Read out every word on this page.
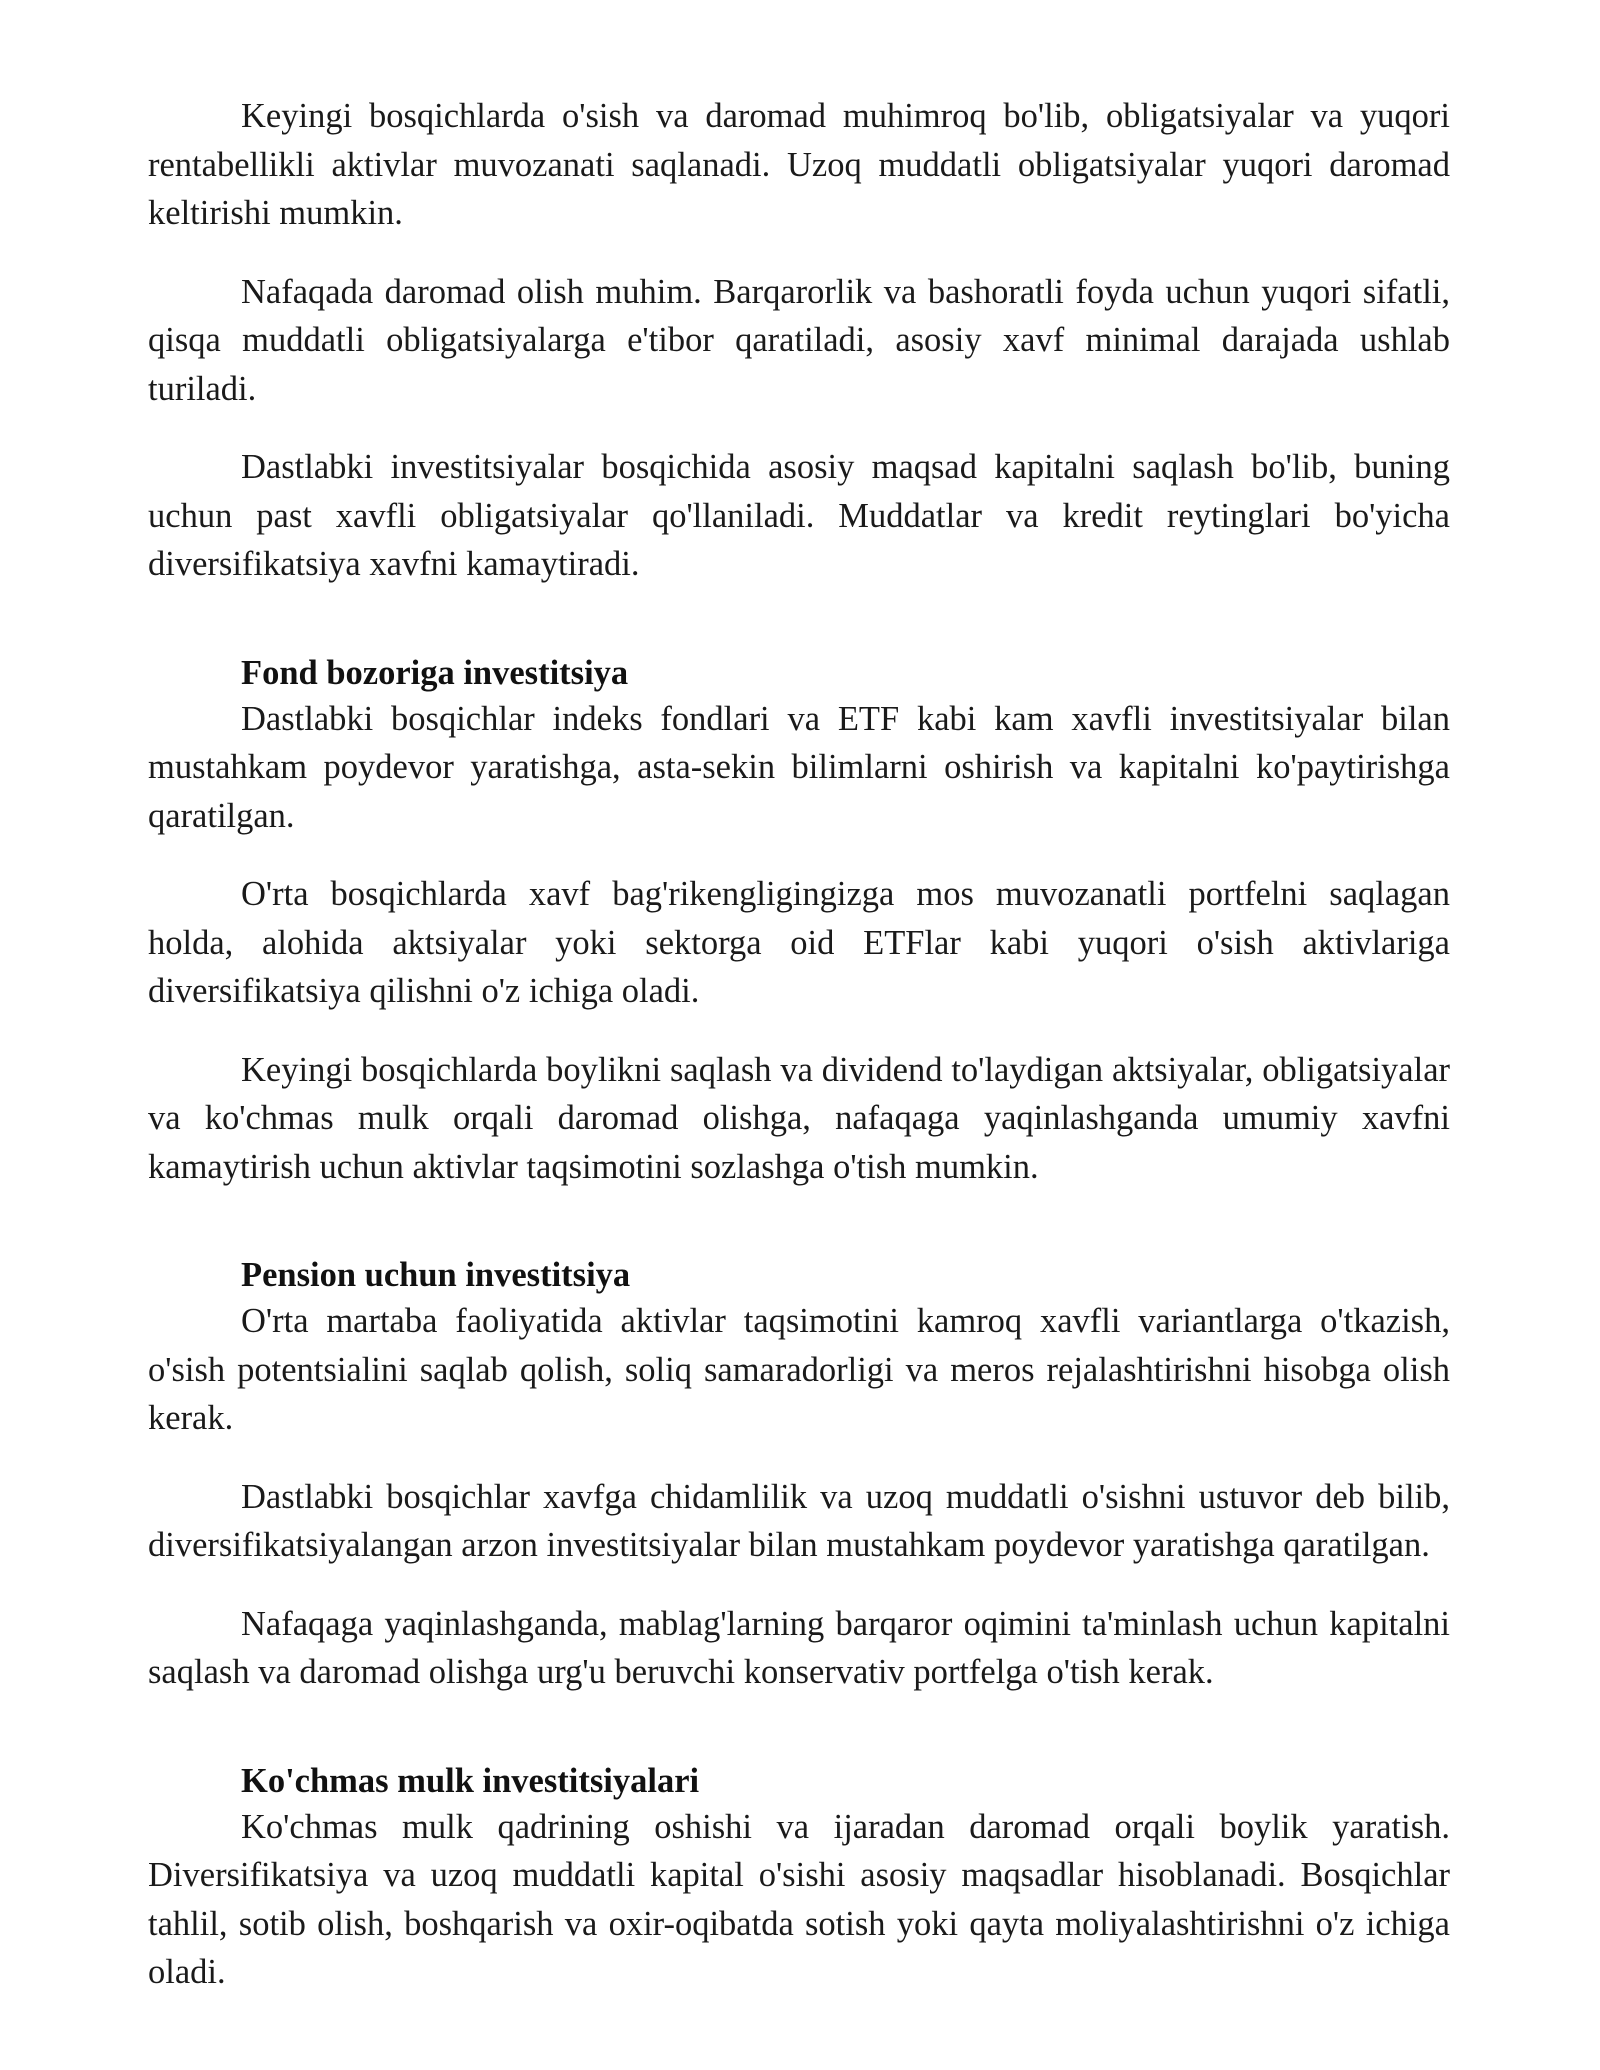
Keyingi bosqichlarda o'sish va daromad muhimroq bo'lib, obligatsiyalar va yuqori rentabellikli aktivlar muvozanati saqlanadi. Uzoq muddatli obligatsiyalar yuqori daromad keltirishi mumkin.

Nafaqada daromad olish muhim. Barqarorlik va bashoratli foyda uchun yuqori sifatli, qisqa muddatli obligatsiyalarga e'tibor qaratiladi, asosiy xavf minimal darajada ushlab turiladi.

Dastlabki investitsiyalar bosqichida asosiy maqsad kapitalni saqlash bo'lib, buning uchun past xavfli obligatsiyalar qo'llaniladi. Muddatlar va kredit reytinglari bo'yicha diversifikatsiya xavfni kamaytiradi.

Fond bozoriga investitsiya

Dastlabki bosqichlar indeks fondlari va ETF kabi kam xavfli investitsiyalar bilan mustahkam poydevor yaratishga, asta-sekin bilimlarni oshirish va kapitalni ko'paytirishga qaratilgan.

O'rta bosqichlarda xavf bag'rikengligingizga mos muvozanatli portfelni saqlagan holda, alohida aktsiyalar yoki sektorga oid ETFlar kabi yuqori o'sish aktivlariga diversifikatsiya qilishni o'z ichiga oladi.

Keyingi bosqichlarda boylikni saqlash va dividend to'laydigan aktsiyalar, obligatsiyalar va ko'chmas mulk orqali daromad olishga, nafaqaga yaqinlashganda umumiy xavfni kamaytirish uchun aktivlar taqsimotini sozlashga o'tish mumkin.

Pension uchun investitsiya

O'rta martaba faoliyatida aktivlar taqsimotini kamroq xavfli variantlarga o'tkazish, o'sish potentsialini saqlab qolish, soliq samaradorligi va meros rejalashtirishni hisobga olish kerak.

Dastlabki bosqichlar xavfga chidamlilik va uzoq muddatli o'sishni ustuvor deb bilib, diversifikatsiyalangan arzon investitsiyalar bilan mustahkam poydevor yaratishga qaratilgan.

Nafaqaga yaqinlashganda, mablag'larning barqaror oqimini ta'minlash uchun kapitalni saqlash va daromad olishga urg'u beruvchi konservativ portfelga o'tish kerak.

Ko'chmas mulk investitsiyalari

Ko'chmas mulk qadrining oshishi va ijaradan daromad orqali boylik yaratish. Diversifikatsiya va uzoq muddatli kapital o'sishi asosiy maqsadlar hisoblanadi. Bosqichlar tahlil, sotib olish, boshqarish va oxir-oqibatda sotish yoki qayta moliyalashtirishni o'z ichiga oladi.
